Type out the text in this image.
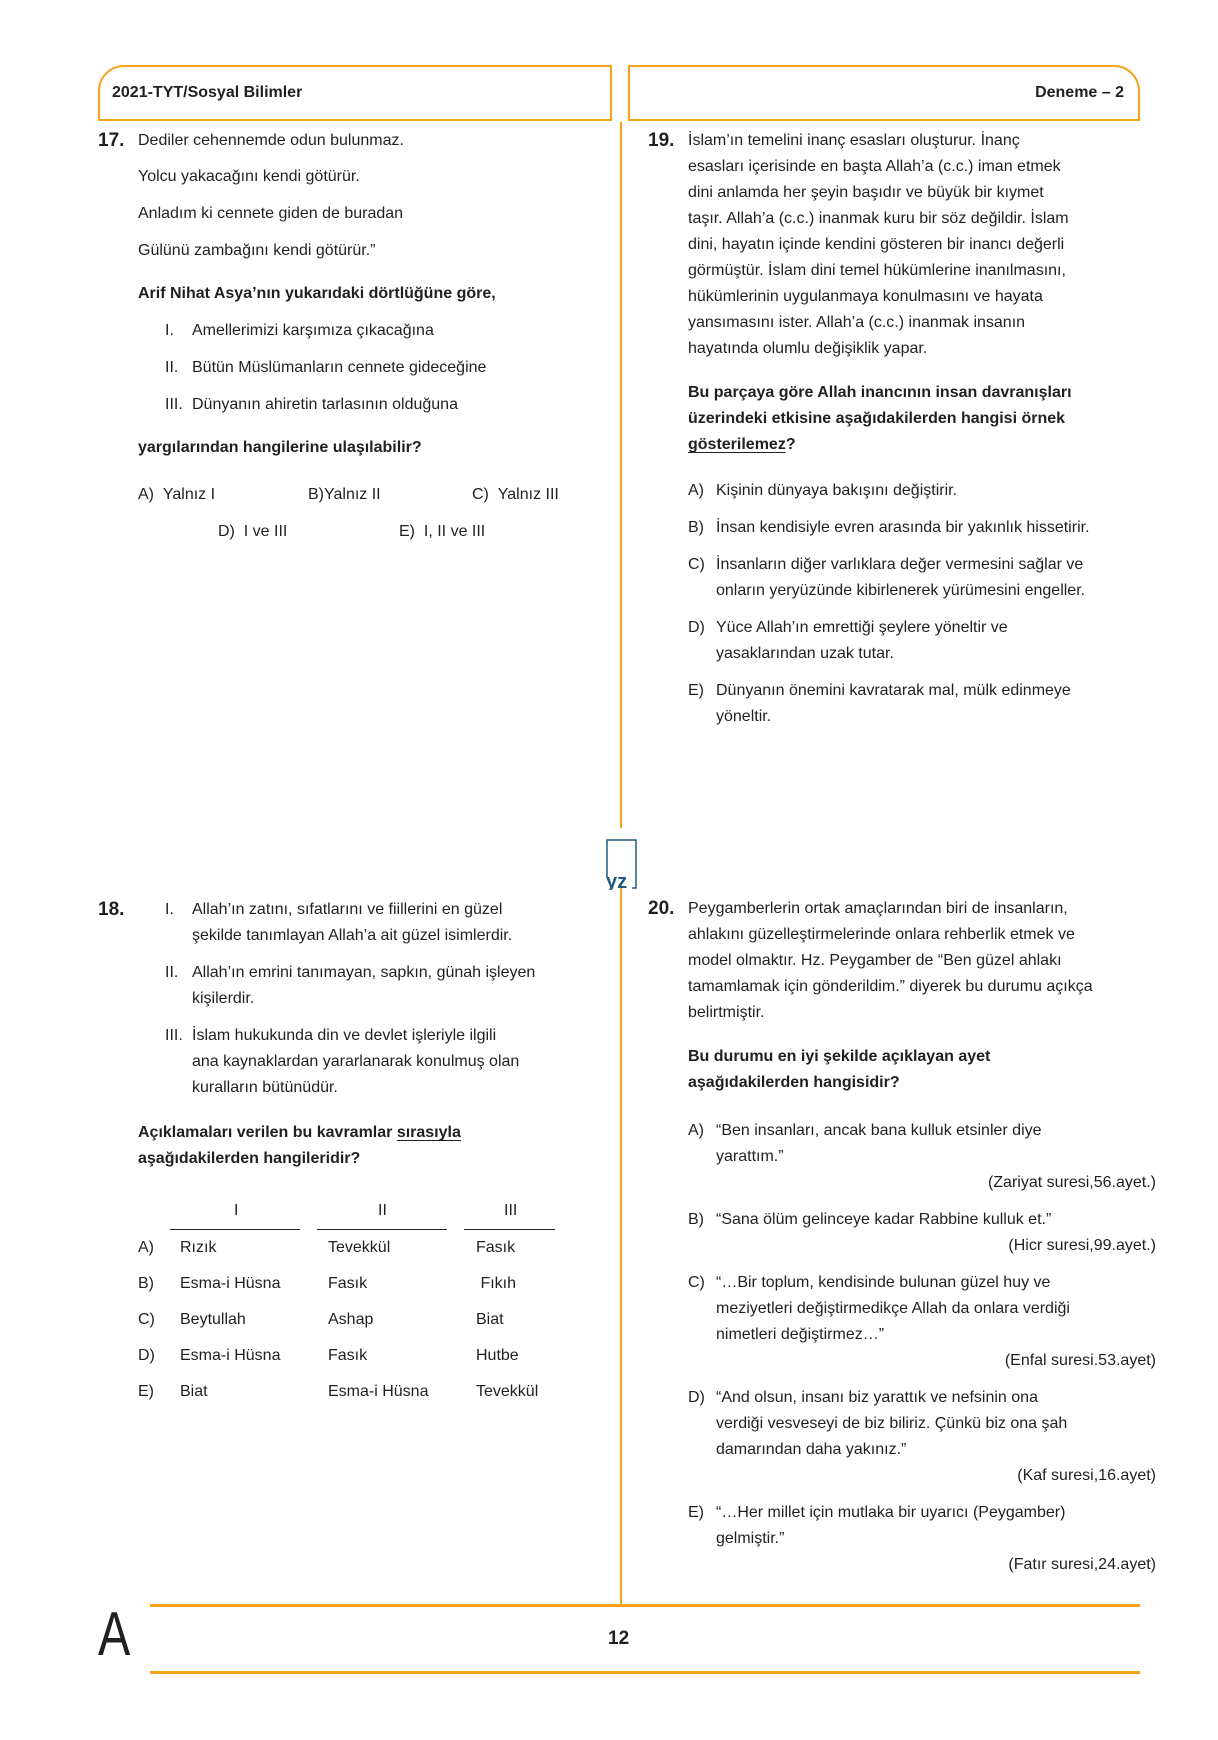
2021-TYT/Sosyal Bilimler	Deneme – 2
yz
17. Dediler cehennemde odun bulunmaz.
Yolcu yakacağını kendi götürür.
Anladım ki cennete giden de buradan
Gülünü zambağını kendi götürür.”
Arif Nihat Asya’nın yukarıdaki dörtlüğüne göre,
I. Amellerimizi karşımıza çıkacağına
II. Bütün Müslümanların cennete gideceğine
III. Dünyanın ahiretin tarlasının olduğuna
yargılarından hangilerine ulaşılabilir?
A) Yalnız I	B)Yalnız II	C) Yalnız III
D) I ve III	E) I, II ve III
19. İslam’ın temelini inanç esasları oluşturur. İnanç
esasları içerisinde en başta Allah’a (c.c.) iman etmek
dini anlamda her şeyin başıdır ve büyük bir kıymet
taşır. Allah’a (c.c.) inanmak kuru bir söz değildir. İslam
dini, hayatın içinde kendini gösteren bir inancı değerli
görmüştür. İslam dini temel hükümlerine inanılmasını,
hükümlerinin uygulanmaya konulmasını ve hayata
yansımasını ister. Allah’a (c.c.) inanmak insanın
hayatında olumlu değişiklik yapar.
Bu parçaya göre Allah inancının insan davranışları
üzerindeki etkisine aşağıdakilerden hangisi örnek
gösterilemez?
A) Kişinin dünyaya bakışını değiştirir.
B) İnsan kendisiyle evren arasında bir yakınlık hissetirir.
C) İnsanların diğer varlıklara değer vermesini sağlar ve
onların yeryüzünde kibirlenerek yürümesini engeller.
D) Yüce Allah’ın emrettiği şeylere yöneltir ve
yasaklarından uzak tutar.
E) Dünyanın önemini kavratarak mal, mülk edinmeye
yöneltir.
18.	I. Allah’ın zatını, sıfatlarını ve fiillerini en güzel
şekilde tanımlayan Allah’a ait güzel isimlerdir.
II. Allah’ın emrini tanımayan, sapkın, günah işleyen
kişilerdir.
III. İslam hukukunda din ve devlet işleriyle ilgili
ana kaynaklardan yararlanarak konulmuş olan
kuralların bütünüdür.
Açıklamaları verilen bu kavramlar sırasıyla
aşağıdakilerden hangileridir?
I	II	III
A) Rızık	Tevekkül	Fasık
B) Esma-i Hüsna	Fasık	Fıkıh
C) Beytullah	Ashap	Biat
D) Esma-i Hüsna	Fasık	Hutbe
E) Biat	Esma-i Hüsna	Tevekkül
20. Peygamberlerin ortak amaçlarından biri de insanların,
ahlakını güzelleştirmelerinde onlara rehberlik etmek ve
model olmaktır. Hz. Peygamber de “Ben güzel ahlakı
tamamlamak için gönderildim.” diyerek bu durumu açıkça
belirtmiştir.
Bu durumu en iyi şekilde açıklayan ayet
aşağıdakilerden hangisidir?
A) “Ben insanları, ancak bana kulluk etsinler diye
yarattım.”
(Zariyat suresi,56.ayet.)
B) “Sana ölüm gelinceye kadar Rabbine kulluk et.”
(Hicr suresi,99.ayet.)
C) “…Bir toplum, kendisinde bulunan güzel huy ve
meziyetleri değiştirmedikçe Allah da onlara verdiği
nimetleri değiştirmez…”
(Enfal suresi.53.ayet)
D) “And olsun, insanı biz yarattık ve nefsinin ona
verdiği vesveseyi de biz biliriz. Çünkü biz ona şah
damarından daha yakınız.”
(Kaf suresi,16.ayet)
E) “…Her millet için mutlaka bir uyarıcı (Peygamber)
gelmiştir.”
(Fatır suresi,24.ayet)
A	12
